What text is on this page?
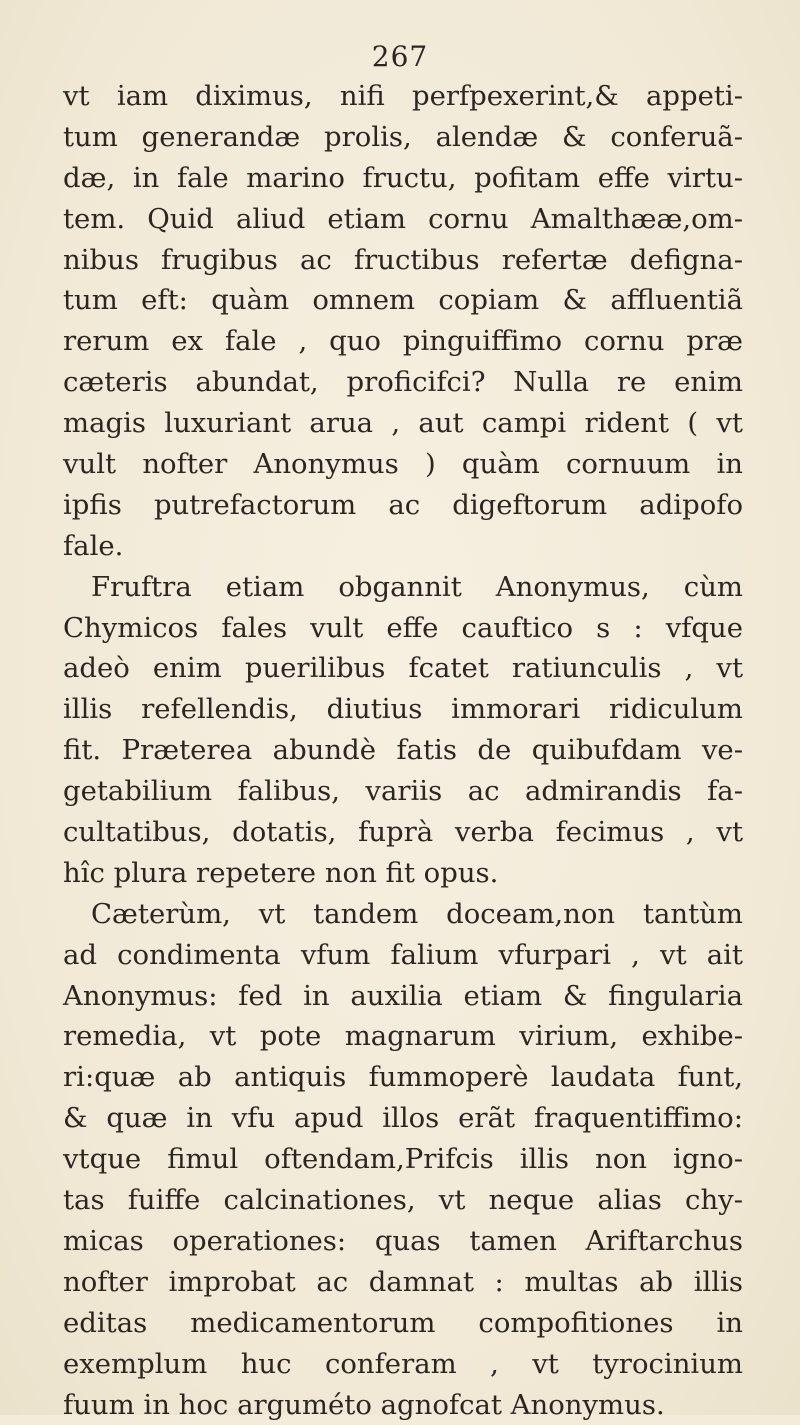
267
vt iam diximus, nifi perfpexerint,& appeti-
tum generandæ prolis, alendæ & conferuã-
dæ, in fale marino fructu, pofitam effe virtu-
tem. Quid aliud etiam cornu Amalthææ,om-
nibus frugibus ac fructibus refertæ defigna-
tum eft: quàm omnem copiam & affluentiã
rerum ex fale , quo pinguiffimo cornu præ
cæteris abundat, proficifci? Nulla re enim
magis luxuriant arua , aut campi rident ( vt
vult nofter Anonymus ) quàm cornuum in
ipfis putrefactorum ac digeftorum adipofo
fale.
Fruftra etiam obgannit Anonymus, cùm
Chymicos fales vult effe cauftico s : vfque
adeò enim puerilibus fcatet ratiunculis , vt
illis refellendis, diutius immorari ridiculum
fit. Præterea abundè fatis de quibufdam ve-
getabilium falibus, variis ac admirandis fa-
cultatibus, dotatis, fuprà verba fecimus , vt
hîc plura repetere non fit opus.
Cæterùm, vt tandem doceam,non tantùm
ad condimenta vfum falium vfurpari , vt ait
Anonymus: fed in auxilia etiam & fingularia
remedia, vt pote magnarum virium, exhibe-
ri:quæ ab antiquis fummoperè laudata funt,
& quæ in vfu apud illos erãt fraquentiffimo:
vtque fimul oftendam,Prifcis illis non igno-
tas fuiffe calcinationes, vt neque alias chy-
micas operationes: quas tamen Ariftarchus
nofter improbat ac damnat : multas ab illis
editas medicamentorum compofitiones in
exemplum huc conferam , vt tyrocinium
fuum in hoc arguméto agnofcat Anonymus.
